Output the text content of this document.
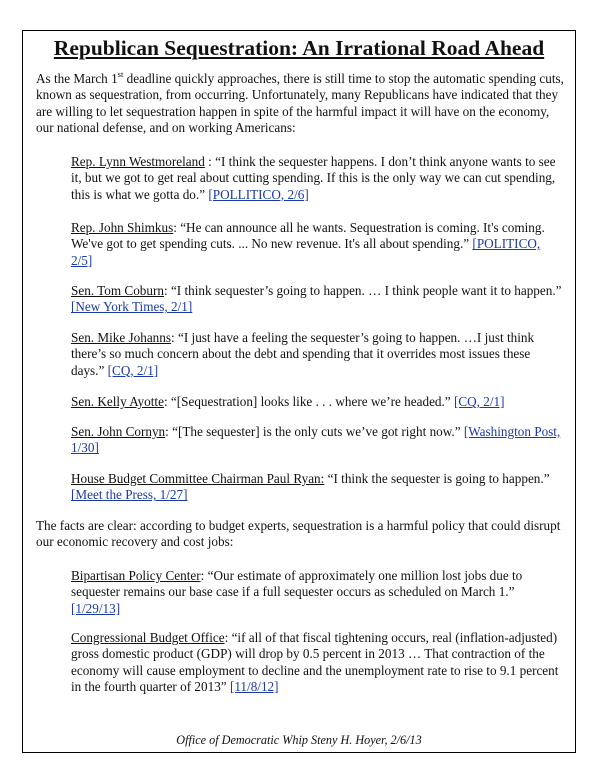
Republican Sequestration: An Irrational Road Ahead

As the March 1st deadline quickly approaches, there is still time to stop the automatic spending cuts, known as sequestration, from occurring. Unfortunately, many Republicans have indicated that they are willing to let sequestration happen in spite of the harmful impact it will have on the economy, our national defense, and on working Americans:

Rep. Lynn Westmoreland : “I think the sequester happens. I don’t think anyone wants to see it, but we got to get real about cutting spending. If this is the only way we can cut spending, this is what we gotta do.” [POLLITICO, 2/6]

Rep. John Shimkus: “He can announce all he wants. Sequestration is coming. It's coming. We've got to get spending cuts. ... No new revenue. It's all about spending.” [POLITICO, 2/5]

Sen. Tom Coburn: “I think sequester’s going to happen. … I think people want it to happen.” [New York Times, 2/1]

Sen. Mike Johanns: “I just have a feeling the sequester’s going to happen. …I just think there’s so much concern about the debt and spending that it overrides most issues these days.” [CQ, 2/1]

Sen. Kelly Ayotte: “[Sequestration] looks like . . . where we’re headed.” [CQ, 2/1]

Sen. John Cornyn: “[The sequester] is the only cuts we’ve got right now.” [Washington Post, 1/30]

House Budget Committee Chairman Paul Ryan: “I think the sequester is going to happen.” [Meet the Press, 1/27]

The facts are clear: according to budget experts, sequestration is a harmful policy that could disrupt our economic recovery and cost jobs:

Bipartisan Policy Center: “Our estimate of approximately one million lost jobs due to sequester remains our base case if a full sequester occurs as scheduled on March 1.” [1/29/13]

Congressional Budget Office: “if all of that fiscal tightening occurs, real (inflation-adjusted) gross domestic product (GDP) will drop by 0.5 percent in 2013 … That contraction of the economy will cause employment to decline and the unemployment rate to rise to 9.1 percent in the fourth quarter of 2013” [11/8/12]

Office of Democratic Whip Steny H. Hoyer, 2/6/13
